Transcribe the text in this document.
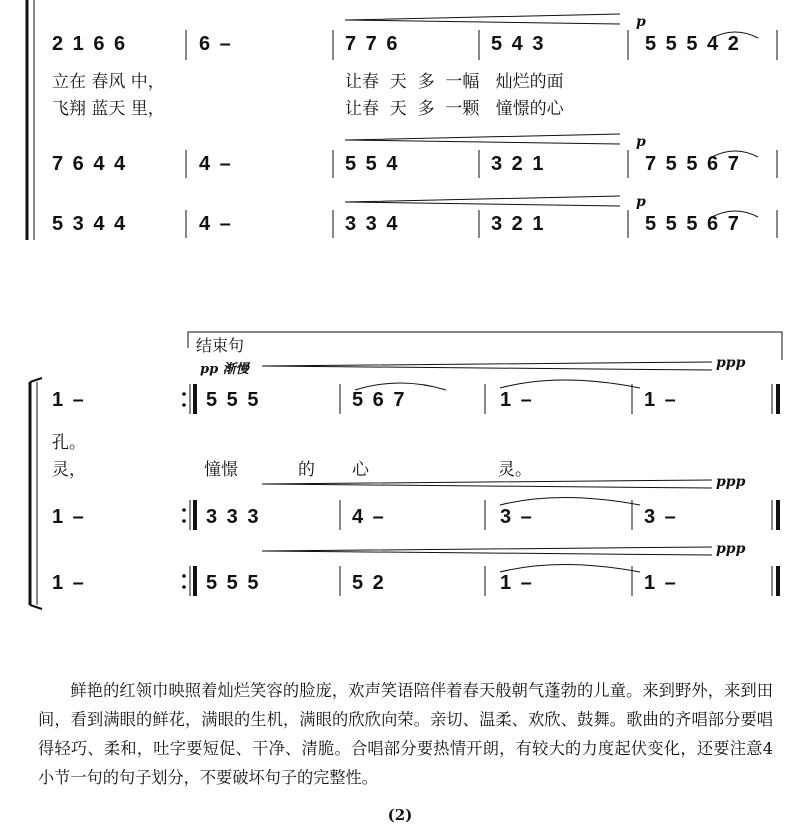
2 1 6 6	6 –	7 7 6	5 4 3	5 5 5 4 2
p
立在 春风 中，	让春  天  多  一幅   灿烂的面
飞翔 蓝天 里，	让春  天  多  一颗   憧憬的心
7 6 4 4	4 –	5 5 4	3 2 1	7 5 5 6 7
p
5 3 4 4	4 –	3 3 4	3 2 1	5 5 5 6 7
p
结束句
pp 渐慢	ppp
ppp
ppp
1 –	5 5 5	5 6 7	1 –	1 –
孔。
灵，	憧憬	的 心	灵。
1 –	3 3 3	4 –	3 –	3 –
1 –	5 5 5	5 2	1 –	1 –
鲜艳的红领巾映照着灿烂笑容的脸庞，欢声笑语陪伴着春天般朝气蓬勃的儿童。来到野外，来到田间，看到满眼的鲜花，满眼的生机，满眼的欣欣向荣。亲切、温柔、欢欣、鼓舞。歌曲的齐唱部分要唱得轻巧、柔和，吐字要短促、干净、清脆。合唱部分要热情开朗，有较大的力度起伏变化，还要注意4小节一句的句子划分，不要破坏句子的完整性。
(2)
